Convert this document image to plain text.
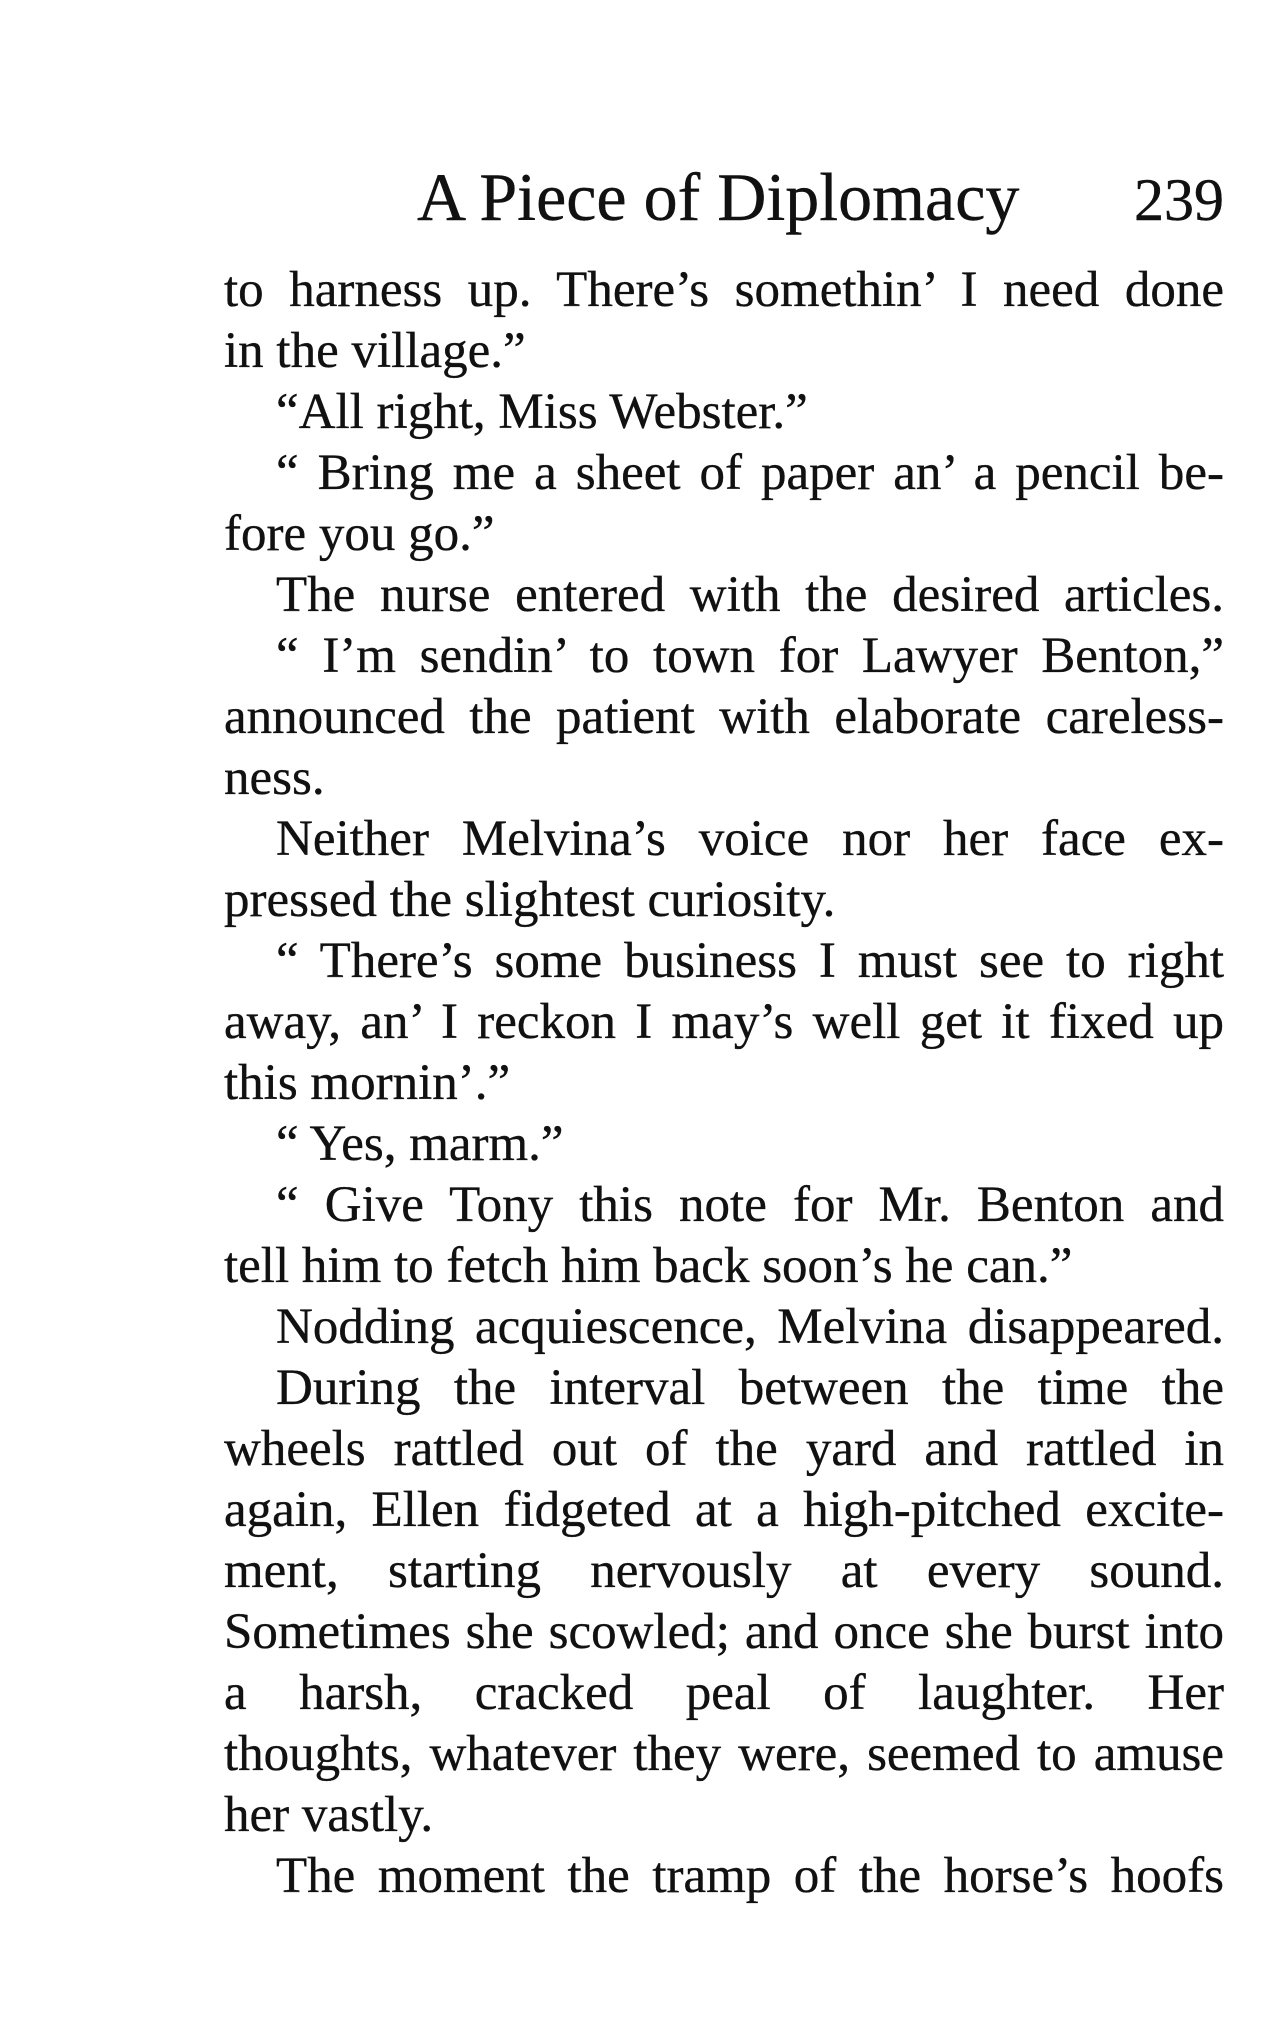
A Piece of Diplomacy 239
to harness up. There’s somethin’ I need done
in the village.”
“All right, Miss Webster.”
“ Bring me a sheet of paper an’ a pencil be-
fore you go.”
The nurse entered with the desired articles.
“ I’m sendin’ to town for Lawyer Benton,”
announced the patient with elaborate careless-
ness.
Neither Melvina’s voice nor her face ex-
pressed the slightest curiosity.
“ There’s some business I must see to right
away, an’ I reckon I may’s well get it fixed up
this mornin’.”
“ Yes, marm.”
“ Give Tony this note for Mr. Benton and
tell him to fetch him back soon’s he can.”
Nodding acquiescence, Melvina disappeared.
During the interval between the time the
wheels rattled out of the yard and rattled in
again, Ellen fidgeted at a high-pitched excite-
ment, starting nervously at every sound.
Sometimes she scowled; and once she burst into
a harsh, cracked peal of laughter. Her
thoughts, whatever they were, seemed to amuse
her vastly.
The moment the tramp of the horse’s hoofs
